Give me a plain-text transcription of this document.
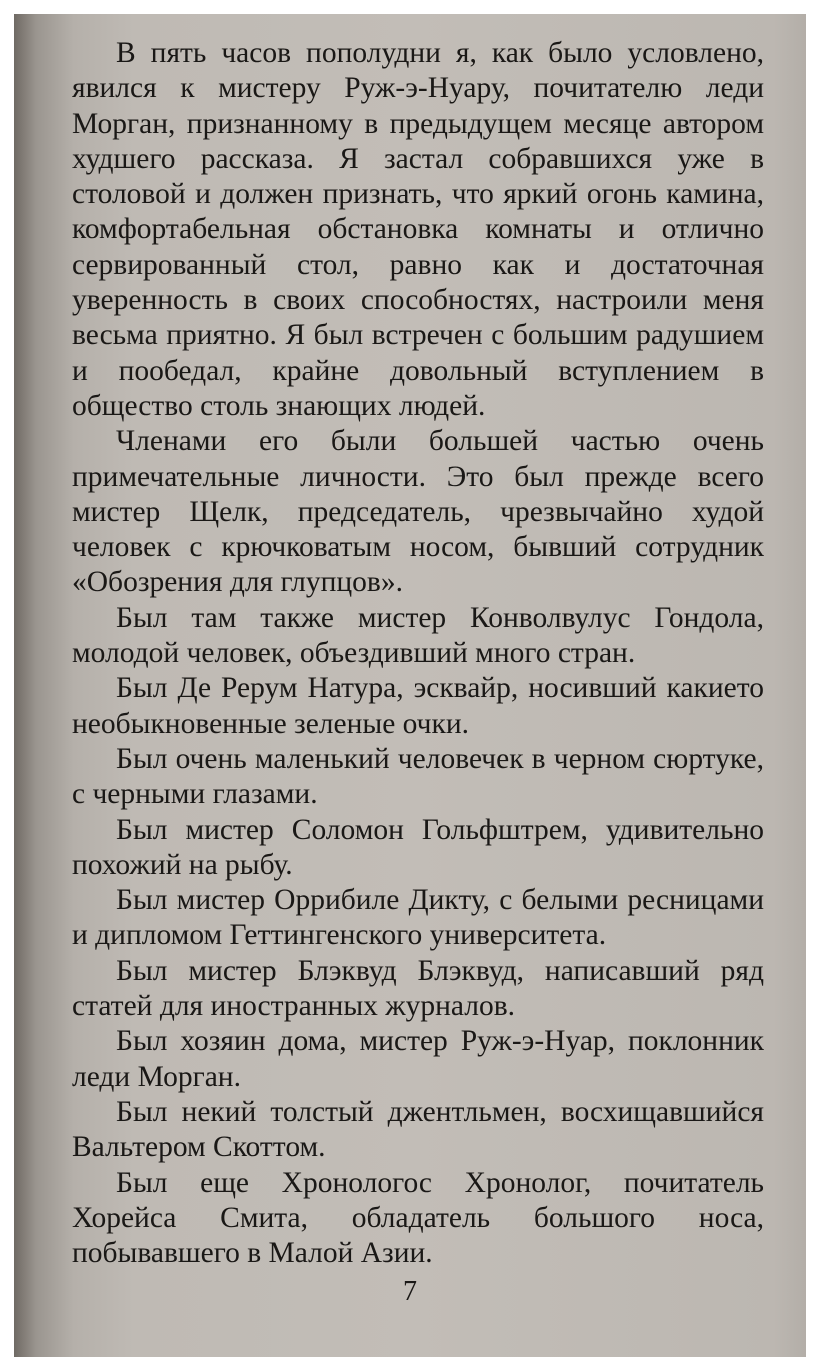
В пять часов пополудни я, как было условлено, явился к мистеру Руж-э-Нуару, почитателю леди Морган, признанному в предыдущем месяце автором худшего рассказа. Я застал собравшихся уже в столовой и должен признать, что яркий огонь камина, комфортабельная обстановка комнаты и отлично сервированный стол, равно как и достаточная уверенность в своих способностях, настроили меня весьма приятно. Я был встречен с большим радушием и пообедал, крайне довольный вступлением в общество столь знающих людей.

Членами его были большей частью очень примечательные личности. Это был прежде всего мистер Щелк, председатель, чрезвычайно худой человек с крючковатым носом, бывший сотрудник «Обозрения для глупцов».

Был там также мистер Конволвулус Гондола, молодой человек, объездивший много стран.

Был Де Рерум Натура, эсквайр, носивший какието необыкновенные зеленые очки.

Был очень маленький человечек в черном сюртуке, с черными глазами.

Был мистер Соломон Гольфштрем, удивительно похожий на рыбу.

Был мистер Оррибиле Дикту, с белыми ресницами и дипломом Геттингенского университета.

Был мистер Блэквуд Блэквуд, написавший ряд статей для иностранных журналов.

Был хозяин дома, мистер Руж-э-Нуар, поклонник леди Морган.

Был некий толстый джентльмен, восхищавшийся Вальтером Скоттом.

Был еще Хронологос Хронолог, почитатель Хорейса Смита, обладатель большого носа, побывавшего в Малой Азии.

7
